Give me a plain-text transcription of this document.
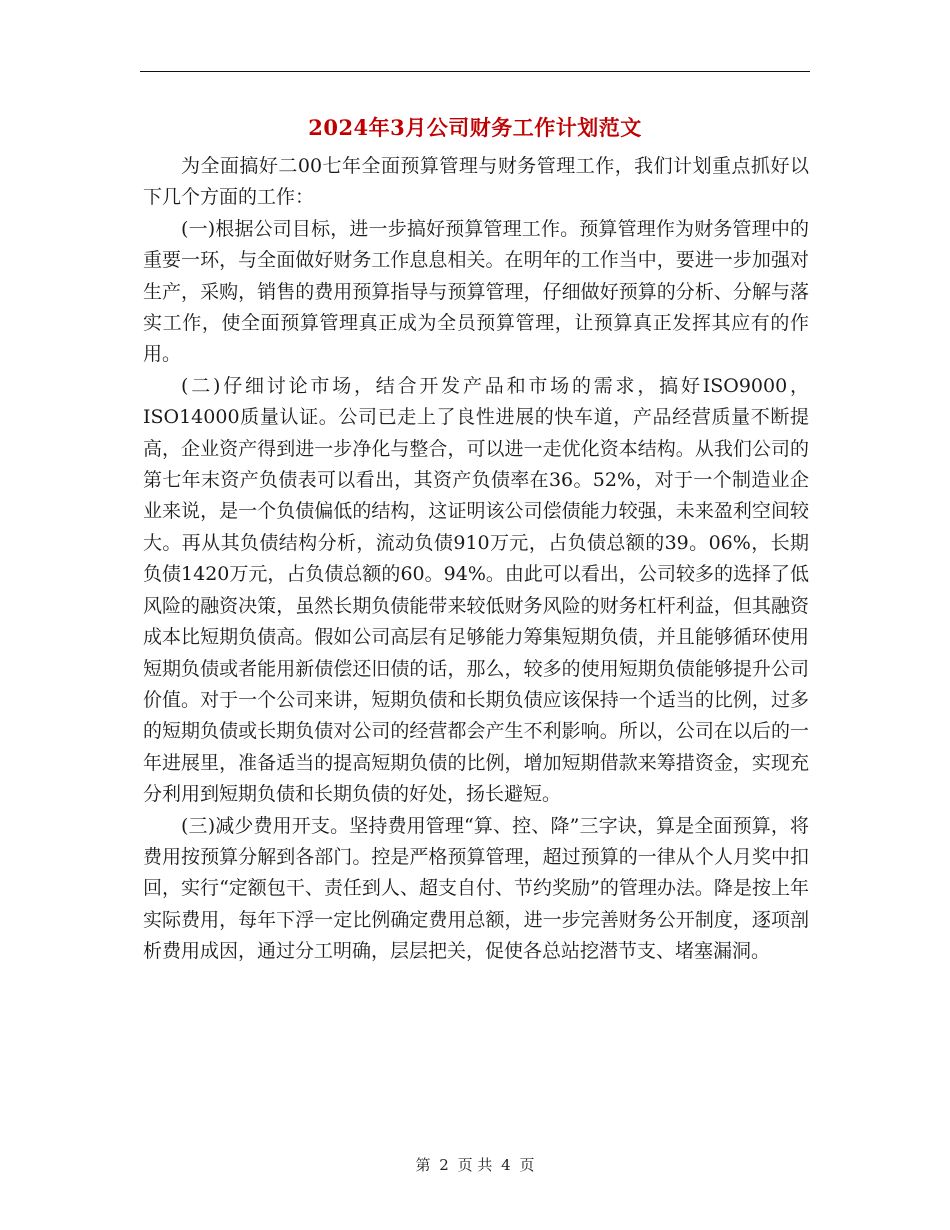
2024年3月公司财务工作计划范文

为全面搞好二00七年全面预算管理与财务管理工作，我们计划重点抓好以下几个方面的工作：

(一)根据公司目标，进一步搞好预算管理工作。预算管理作为财务管理中的重要一环，与全面做好财务工作息息相关。在明年的工作当中，要进一步加强对生产，采购，销售的费用预算指导与预算管理，仔细做好预算的分析、分解与落实工作，使全面预算管理真正成为全员预算管理，让预算真正发挥其应有的作用。

(二)仔细讨论市场，结合开发产品和市场的需求，搞好ISO9000，ISO14000质量认证。公司已走上了良性进展的快车道，产品经营质量不断提高，企业资产得到进一步净化与整合，可以进一走优化资本结构。从我们公司的第七年末资产负债表可以看出，其资产负债率在36。52%，对于一个制造业企业来说，是一个负债偏低的结构，这证明该公司偿债能力较强，未来盈利空间较大。再从其负债结构分析，流动负债910万元，占负债总额的39。06%，长期负债1420万元，占负债总额的60。94%。由此可以看出，公司较多的选择了低风险的融资决策，虽然长期负债能带来较低财务风险的财务杠杆利益，但其融资成本比短期负债高。假如公司高层有足够能力筹集短期负债，并且能够循环使用短期负债或者能用新债偿还旧债的话，那么，较多的使用短期负债能够提升公司价值。对于一个公司来讲，短期负债和长期负债应该保持一个适当的比例，过多的短期负债或长期负债对公司的经营都会产生不利影响。所以，公司在以后的一年进展里，准备适当的提高短期负债的比例，增加短期借款来筹措资金，实现充分利用到短期负债和长期负债的好处，扬长避短。

(三)减少费用开支。坚持费用管理“算、控、降”三字诀，算是全面预算，将费用按预算分解到各部门。控是严格预算管理，超过预算的一律从个人月奖中扣回，实行“定额包干、责任到人、超支自付、节约奖励”的管理办法。降是按上年实际费用，每年下浮一定比例确定费用总额，进一步完善财务公开制度，逐项剖析费用成因，通过分工明确，层层把关，促使各总站挖潜节支、堵塞漏洞。

第 2 页 共 4 页
